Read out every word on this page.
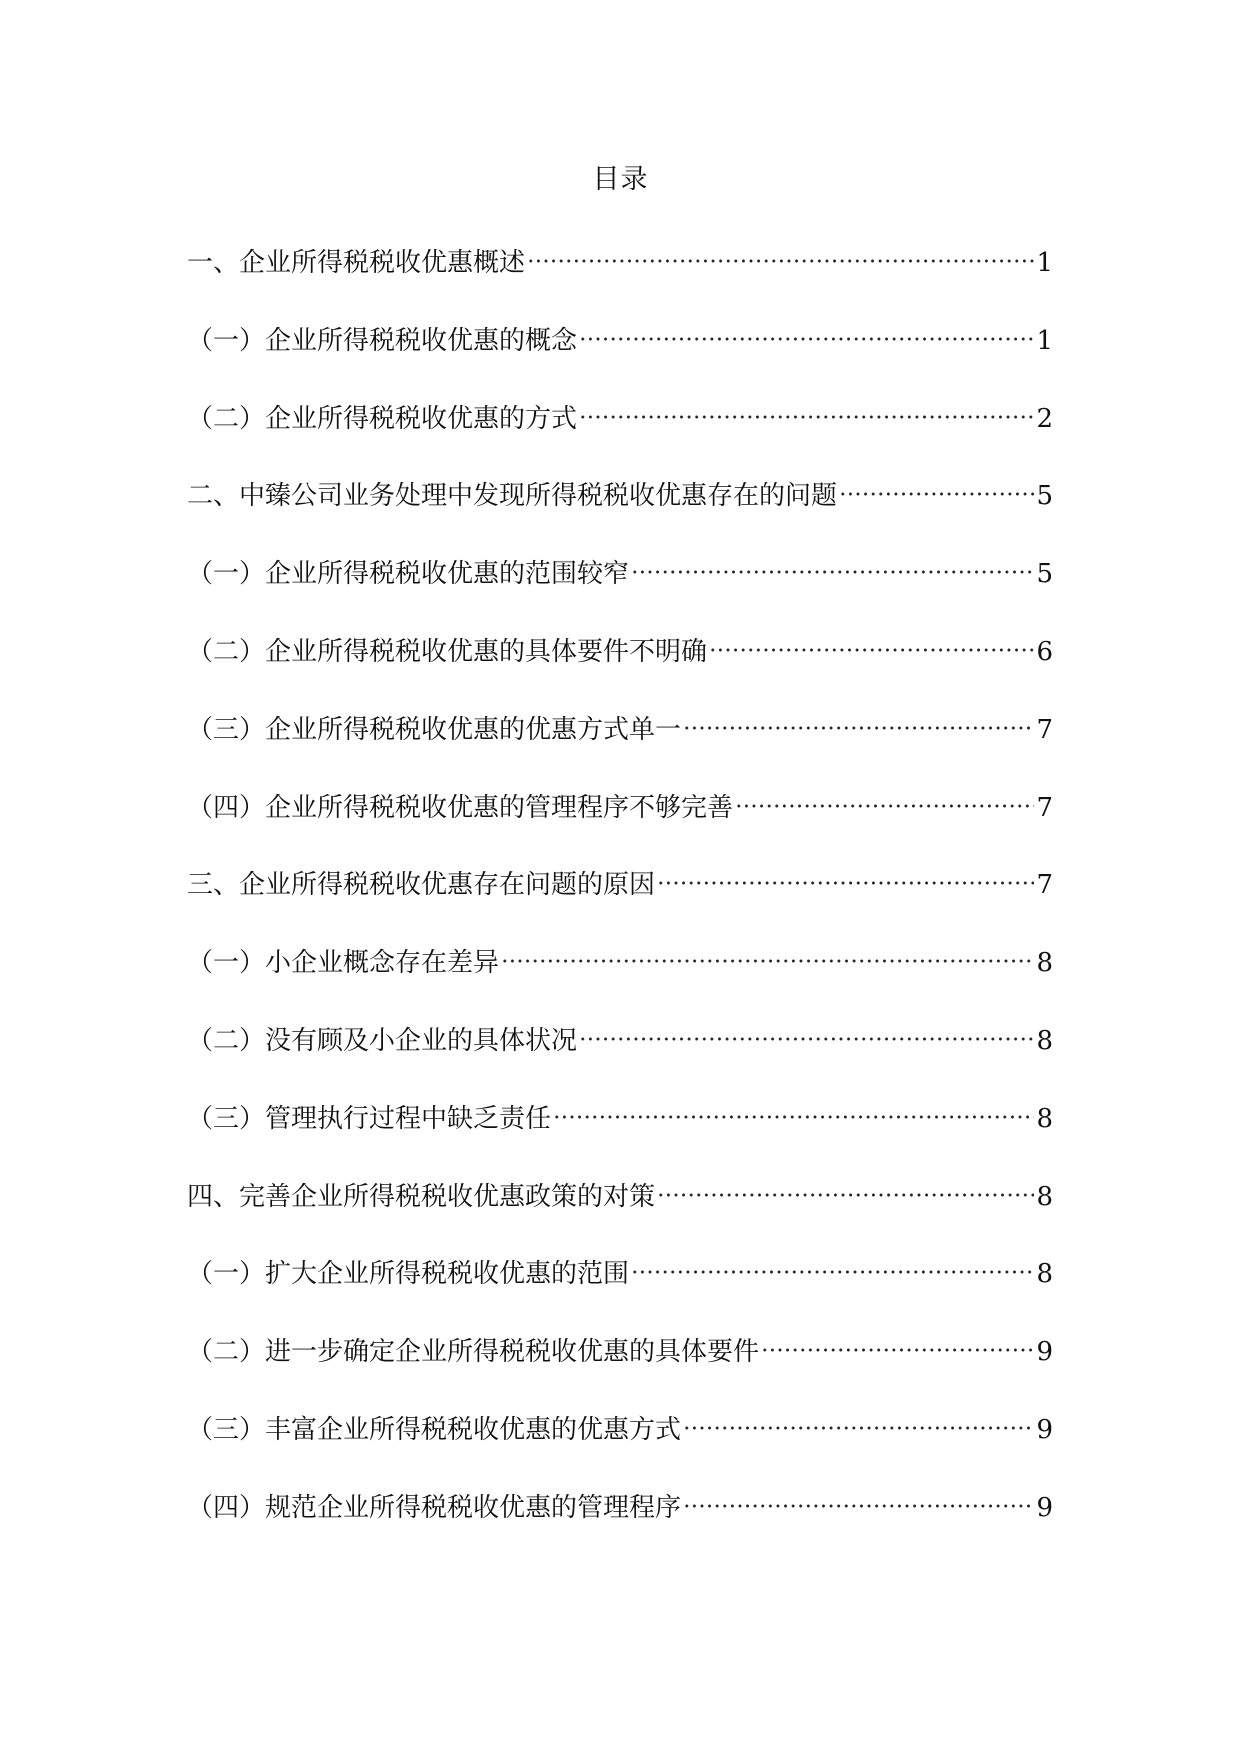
目录
一、企业所得税税收优惠概述	1
（一）企业所得税税收优惠的概念	1
（二）企业所得税税收优惠的方式	2
二、中臻公司业务处理中发现所得税税收优惠存在的问题	5
（一）企业所得税税收优惠的范围较窄	5
（二）企业所得税税收优惠的具体要件不明确	6
（三）企业所得税税收优惠的优惠方式单一	7
（四）企业所得税税收优惠的管理程序不够完善	7
三、企业所得税税收优惠存在问题的原因	7
（一）小企业概念存在差异	8
（二）没有顾及小企业的具体状况	8
（三）管理执行过程中缺乏责任	8
四、完善企业所得税税收优惠政策的对策	8
（一）扩大企业所得税税收优惠的范围	8
（二）进一步确定企业所得税税收优惠的具体要件	9
（三）丰富企业所得税税收优惠的优惠方式	9
（四）规范企业所得税税收优惠的管理程序	9
